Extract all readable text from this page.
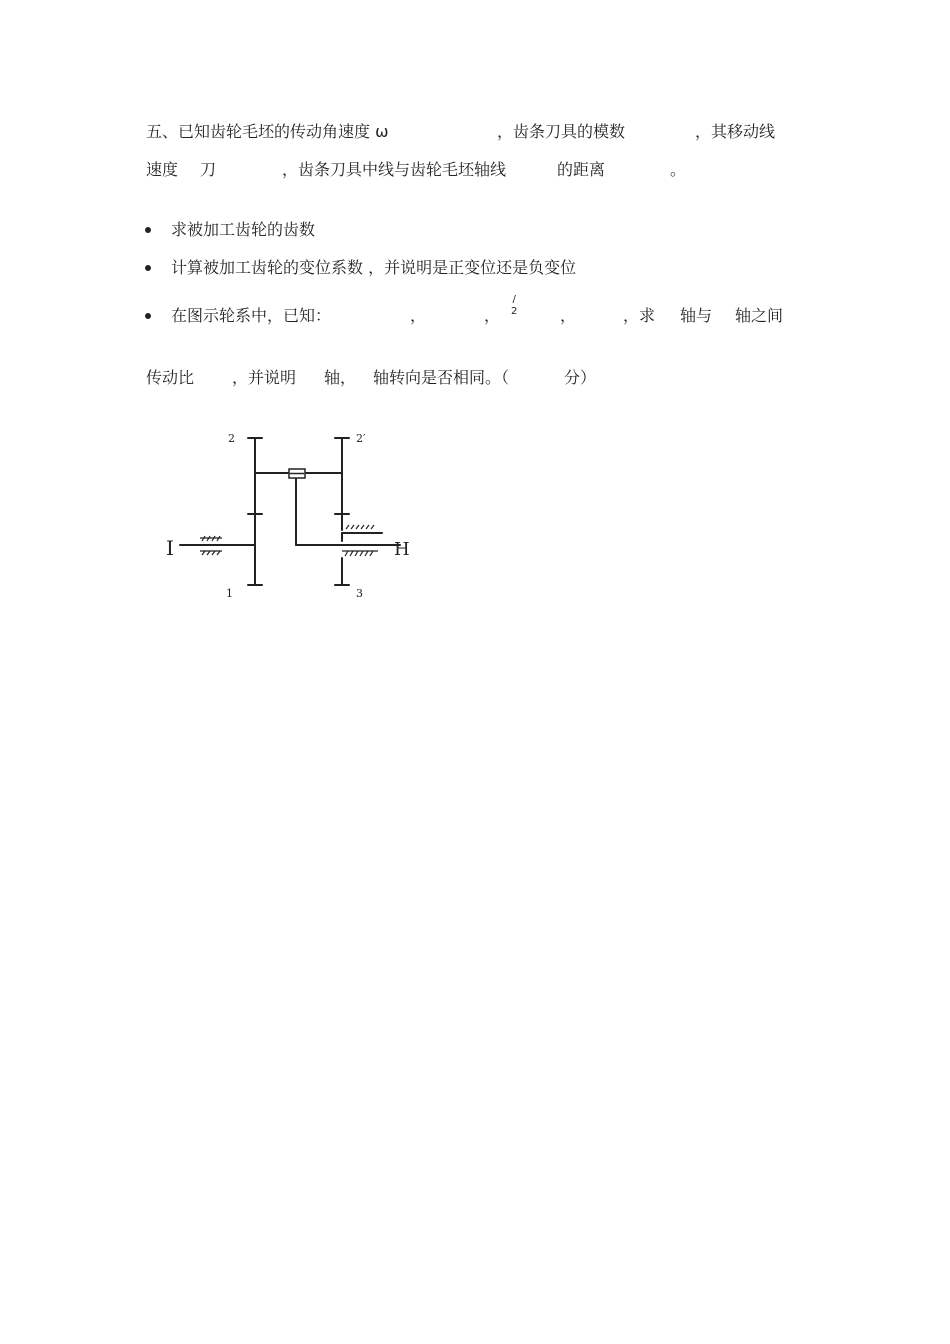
五、已知齿轮毛坯的传动角速度 ω	，齿条刀具的模数	，其移动线
速度 刀	，齿条刀具中线与齿轮毛坯轴线	的距离	。
求被加工齿轮的齿数
计算被加工齿轮的变位系数 ，并说明是正变位还是负变位
在图示轮系中，已知：	，	，
/
2	，	，求 轴与 轴之间
传动比 ，并说明 轴， 轴转向是否相同。（	分）
2	2′
1	3
I	H
